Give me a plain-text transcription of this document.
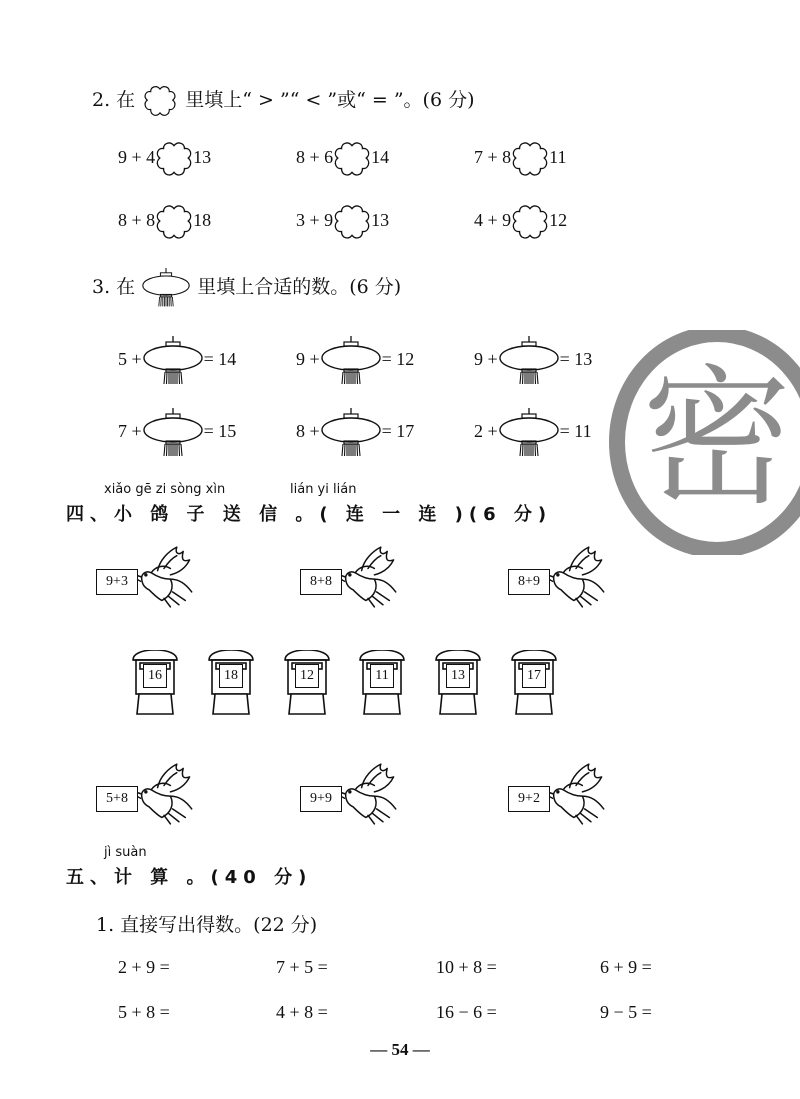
2. 在	里填上“ > ”“ < ”或“ = ”。(6 分)
9 + 4 13	8 + 6 14	7 + 8 11
8 + 8 18	3 + 9 13	4 + 9 12
3. 在	里填上合适的数。(6 分)
5 +	= 14	9 +	= 12	9 +	= 13
7 +	= 15	8 +	= 17	2 +	= 11 密
xiǎo gē zi sòng xìn	lián yi lián
四、小 鸽 子 送 信 。( 连 一 连 )(6 分)
9+3	8+8	8+9
16	18	12	11	13	17
5+8	9+9	9+2
jì suàn
五、计 算 。(40 分)
1. 直接写出得数。(22 分)
2 + 9 =	7 + 5 =	10 + 8 =	6 + 9 =
5 + 8 =	4 + 8 =	16 − 6 =	9 − 5 =
— 54 —
